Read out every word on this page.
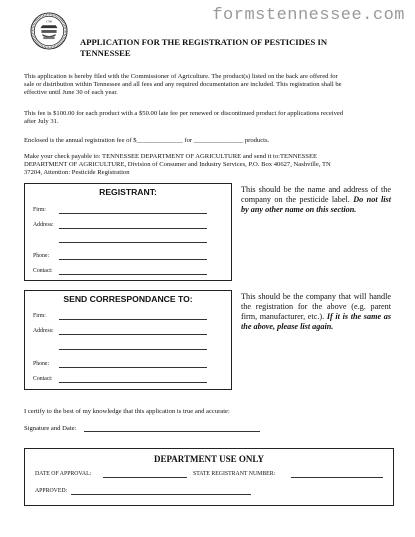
formstennessee.com
1796
APPLICATION FOR THE REGISTRATION OF PESTICIDES IN
TENNESSEE
This application is hereby filed with the Commissioner of Agriculture. The product(s) listed on the back are offered for
sale or distribution within Tennessee and all fees and any required documentation are included. This registration shall be
effective until June 30 of each year.
This fee is $100.00 for each product with a $50.00 late fee per renewed or discontinued product for applications received
after July 31.
Enclosed is the annual registration fee of $______________ for _______________ products.
Make your check payable to: TENNESSEE DEPARTMENT OF AGRICULTURE and send it to:TENNESSEE
DEPARTMENT OF AGRICULTURE, Division of Consumer and Industry Services, P.O. Box 40627, Nashville, TN
37204, Attention: Pesticide Registration
REGISTRANT:
Firm:
Address:
Phone:
Contact:
This should be the name and address of the company on the pesticide label. Do not list by any other name on this section.
SEND CORRESPONDANCE TO:
Firm:
Address:
Phone:
Contact:
This should be the company that will handle the registration for the above (e.g. parent firm, manufacturer, etc.). If it is the same as the above, please list again.
I certify to the best of my knowledge that this application is true and accurate:
Signature and Date:
DEPARTMENT USE ONLY
DATE OF APPROVAL:	STATE REGISTRANT NUMBER:
APPROVED:
